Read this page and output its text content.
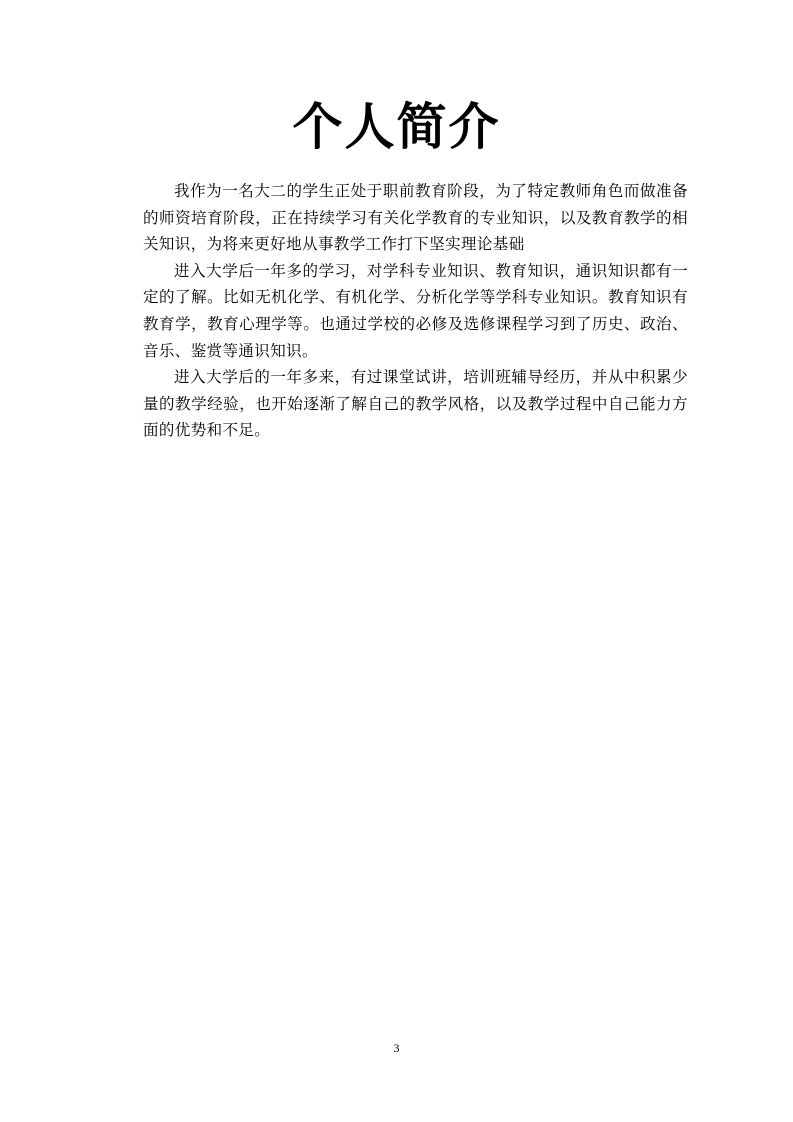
个人简介

我作为一名大二的学生正处于职前教育阶段，为了特定教师角色而做准备的师资培育阶段，正在持续学习有关化学教育的专业知识，以及教育教学的相关知识，为将来更好地从事教学工作打下坚实理论基础

进入大学后一年多的学习，对学科专业知识、教育知识，通识知识都有一定的了解。比如无机化学、有机化学、分析化学等学科专业知识。教育知识有教育学，教育心理学等。也通过学校的必修及选修课程学习到了历史、政治、音乐、鉴赏等通识知识。

进入大学后的一年多来，有过课堂试讲，培训班辅导经历，并从中积累少量的教学经验，也开始逐渐了解自己的教学风格，以及教学过程中自己能力方面的优势和不足。

3
